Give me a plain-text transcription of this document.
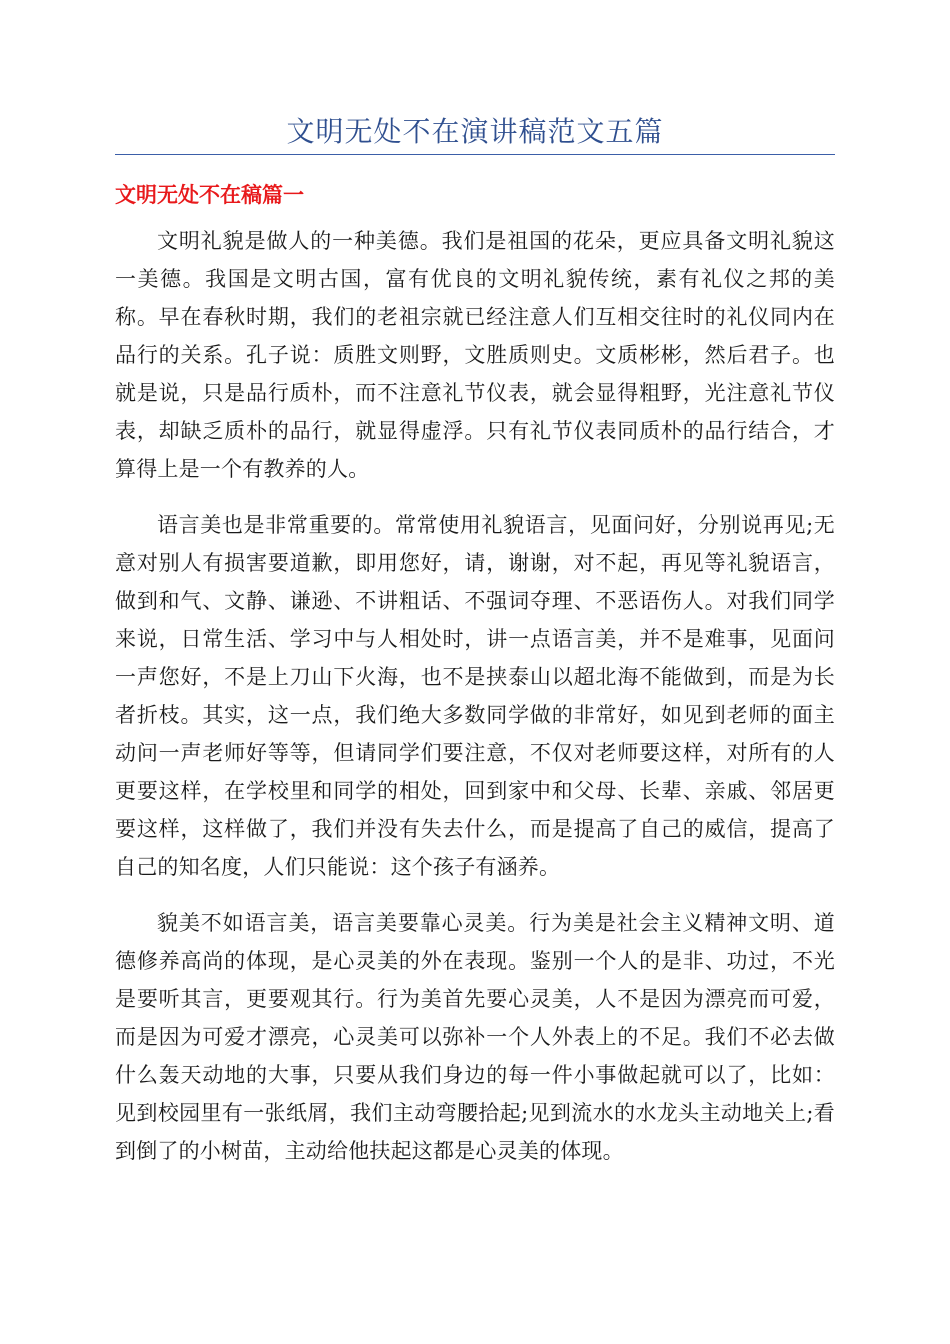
文明无处不在演讲稿范文五篇
文明无处不在稿篇一

文明礼貌是做人的一种美德。我们是祖国的花朵，更应具备文明礼貌这一美德。我国是文明古国，富有优良的文明礼貌传统，素有礼仪之邦的美称。早在春秋时期，我们的老祖宗就已经注意人们互相交往时的礼仪同内在品行的关系。孔子说：质胜文则野，文胜质则史。文质彬彬，然后君子。也就是说，只是品行质朴，而不注意礼节仪表，就会显得粗野，光注意礼节仪表，却缺乏质朴的品行，就显得虚浮。只有礼节仪表同质朴的品行结合，才算得上是一个有教养的人。

语言美也是非常重要的。常常使用礼貌语言，见面问好，分别说再见;无意对别人有损害要道歉，即用您好，请，谢谢，对不起，再见等礼貌语言，做到和气、文静、谦逊、不讲粗话、不强词夺理、不恶语伤人。对我们同学来说，日常生活、学习中与人相处时，讲一点语言美，并不是难事，见面问一声您好，不是上刀山下火海，也不是挟泰山以超北海不能做到，而是为长者折枝。其实，这一点，我们绝大多数同学做的非常好，如见到老师的面主动问一声老师好等等，但请同学们要注意，不仅对老师要这样，对所有的人更要这样，在学校里和同学的相处，回到家中和父母、长辈、亲戚、邻居更要这样，这样做了，我们并没有失去什么，而是提高了自己的威信，提高了自己的知名度，人们只能说：这个孩子有涵养。

貌美不如语言美，语言美要靠心灵美。行为美是社会主义精神文明、道德修养高尚的体现，是心灵美的外在表现。鉴别一个人的是非、功过，不光是要听其言，更要观其行。行为美首先要心灵美，人不是因为漂亮而可爱，而是因为可爱才漂亮，心灵美可以弥补一个人外表上的不足。我们不必去做什么轰天动地的大事，只要从我们身边的每一件小事做起就可以了，比如：见到校园里有一张纸屑，我们主动弯腰拾起;见到流水的水龙头主动地关上;看到倒了的小树苗，主动给他扶起这都是心灵美的体现。
